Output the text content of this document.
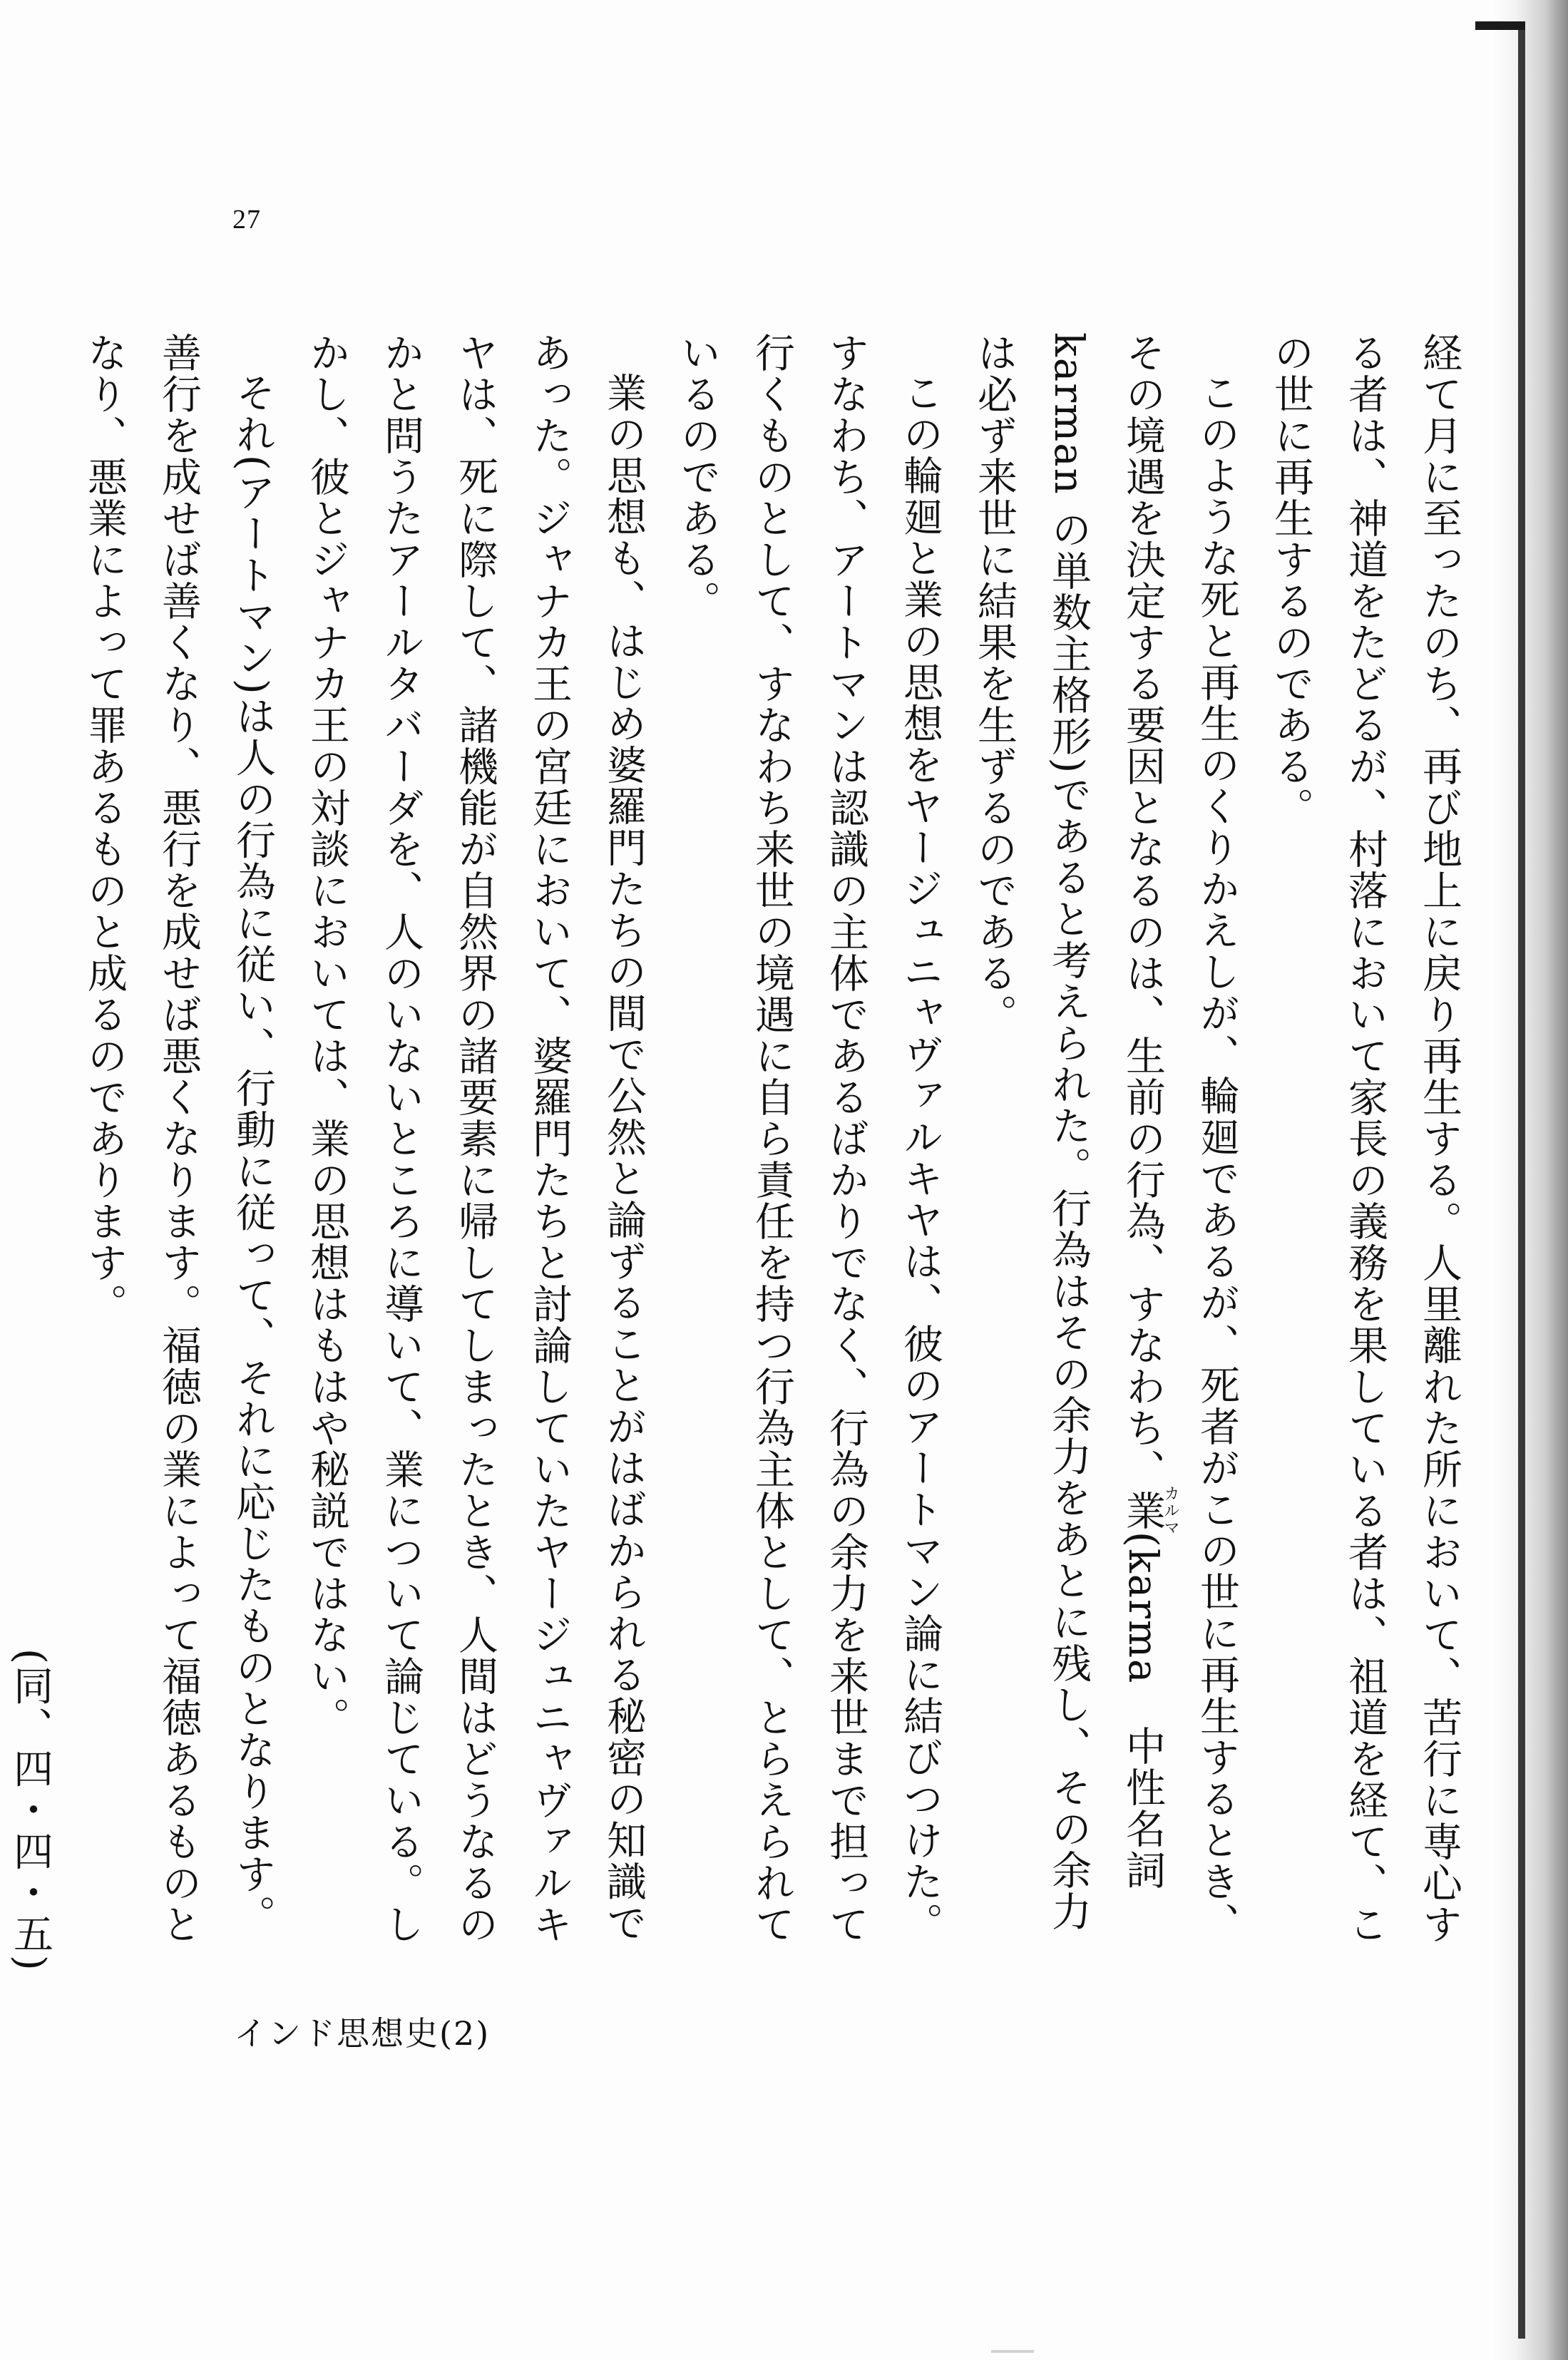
27

経て月に至ったのち、再び地上に戻り再生する。人里離れた所において、苦行に専心する者は、神道をたどるが、村落において家長の義務を果している者は、祖道を経て、この世に再生するのである。

このような死と再生のくりかえしが、輪廻であるが、死者がこの世に再生するとき、その境遇を決定する要因となるのは、生前の行為、すなわち、業カルマ(karma　中性名詞 karman の単数主格形)であると考えられた。行為はその余力をあとに残し、その余力は必ず来世に結果を生ずるのである。

この輪廻と業の思想をヤージュニャヴァルキヤは、彼のアートマン論に結びつけた。すなわち、アートマンは認識の主体であるばかりでなく、行為の余力を来世まで担って行くものとして、すなわち来世の境遇に自ら責任を持つ行為主体として、とらえられているのである。

業の思想も、はじめ婆羅門たちの間で公然と論ずることがはばかられる秘密の知識であった。ジャナカ王の宮廷において、婆羅門たちと討論していたヤージュニャヴァルキヤは、死に際して、諸機能が自然界の諸要素に帰してしまったとき、人間はどうなるのかと問うたアールタバーダを、人のいないところに導いて、業について論じている。しかし、彼とジャナカ王の対談においては、業の思想はもはや秘説ではない。

それ(アートマン)は人の行為に従い、行動に従って、それに応じたものとなります。善行を成せば善くなり、悪行を成せば悪くなります。福徳の業によって福徳あるものとなり、悪業によって罪あるものと成るのであります。

(同、四・四・五)

インド思想史(2)
